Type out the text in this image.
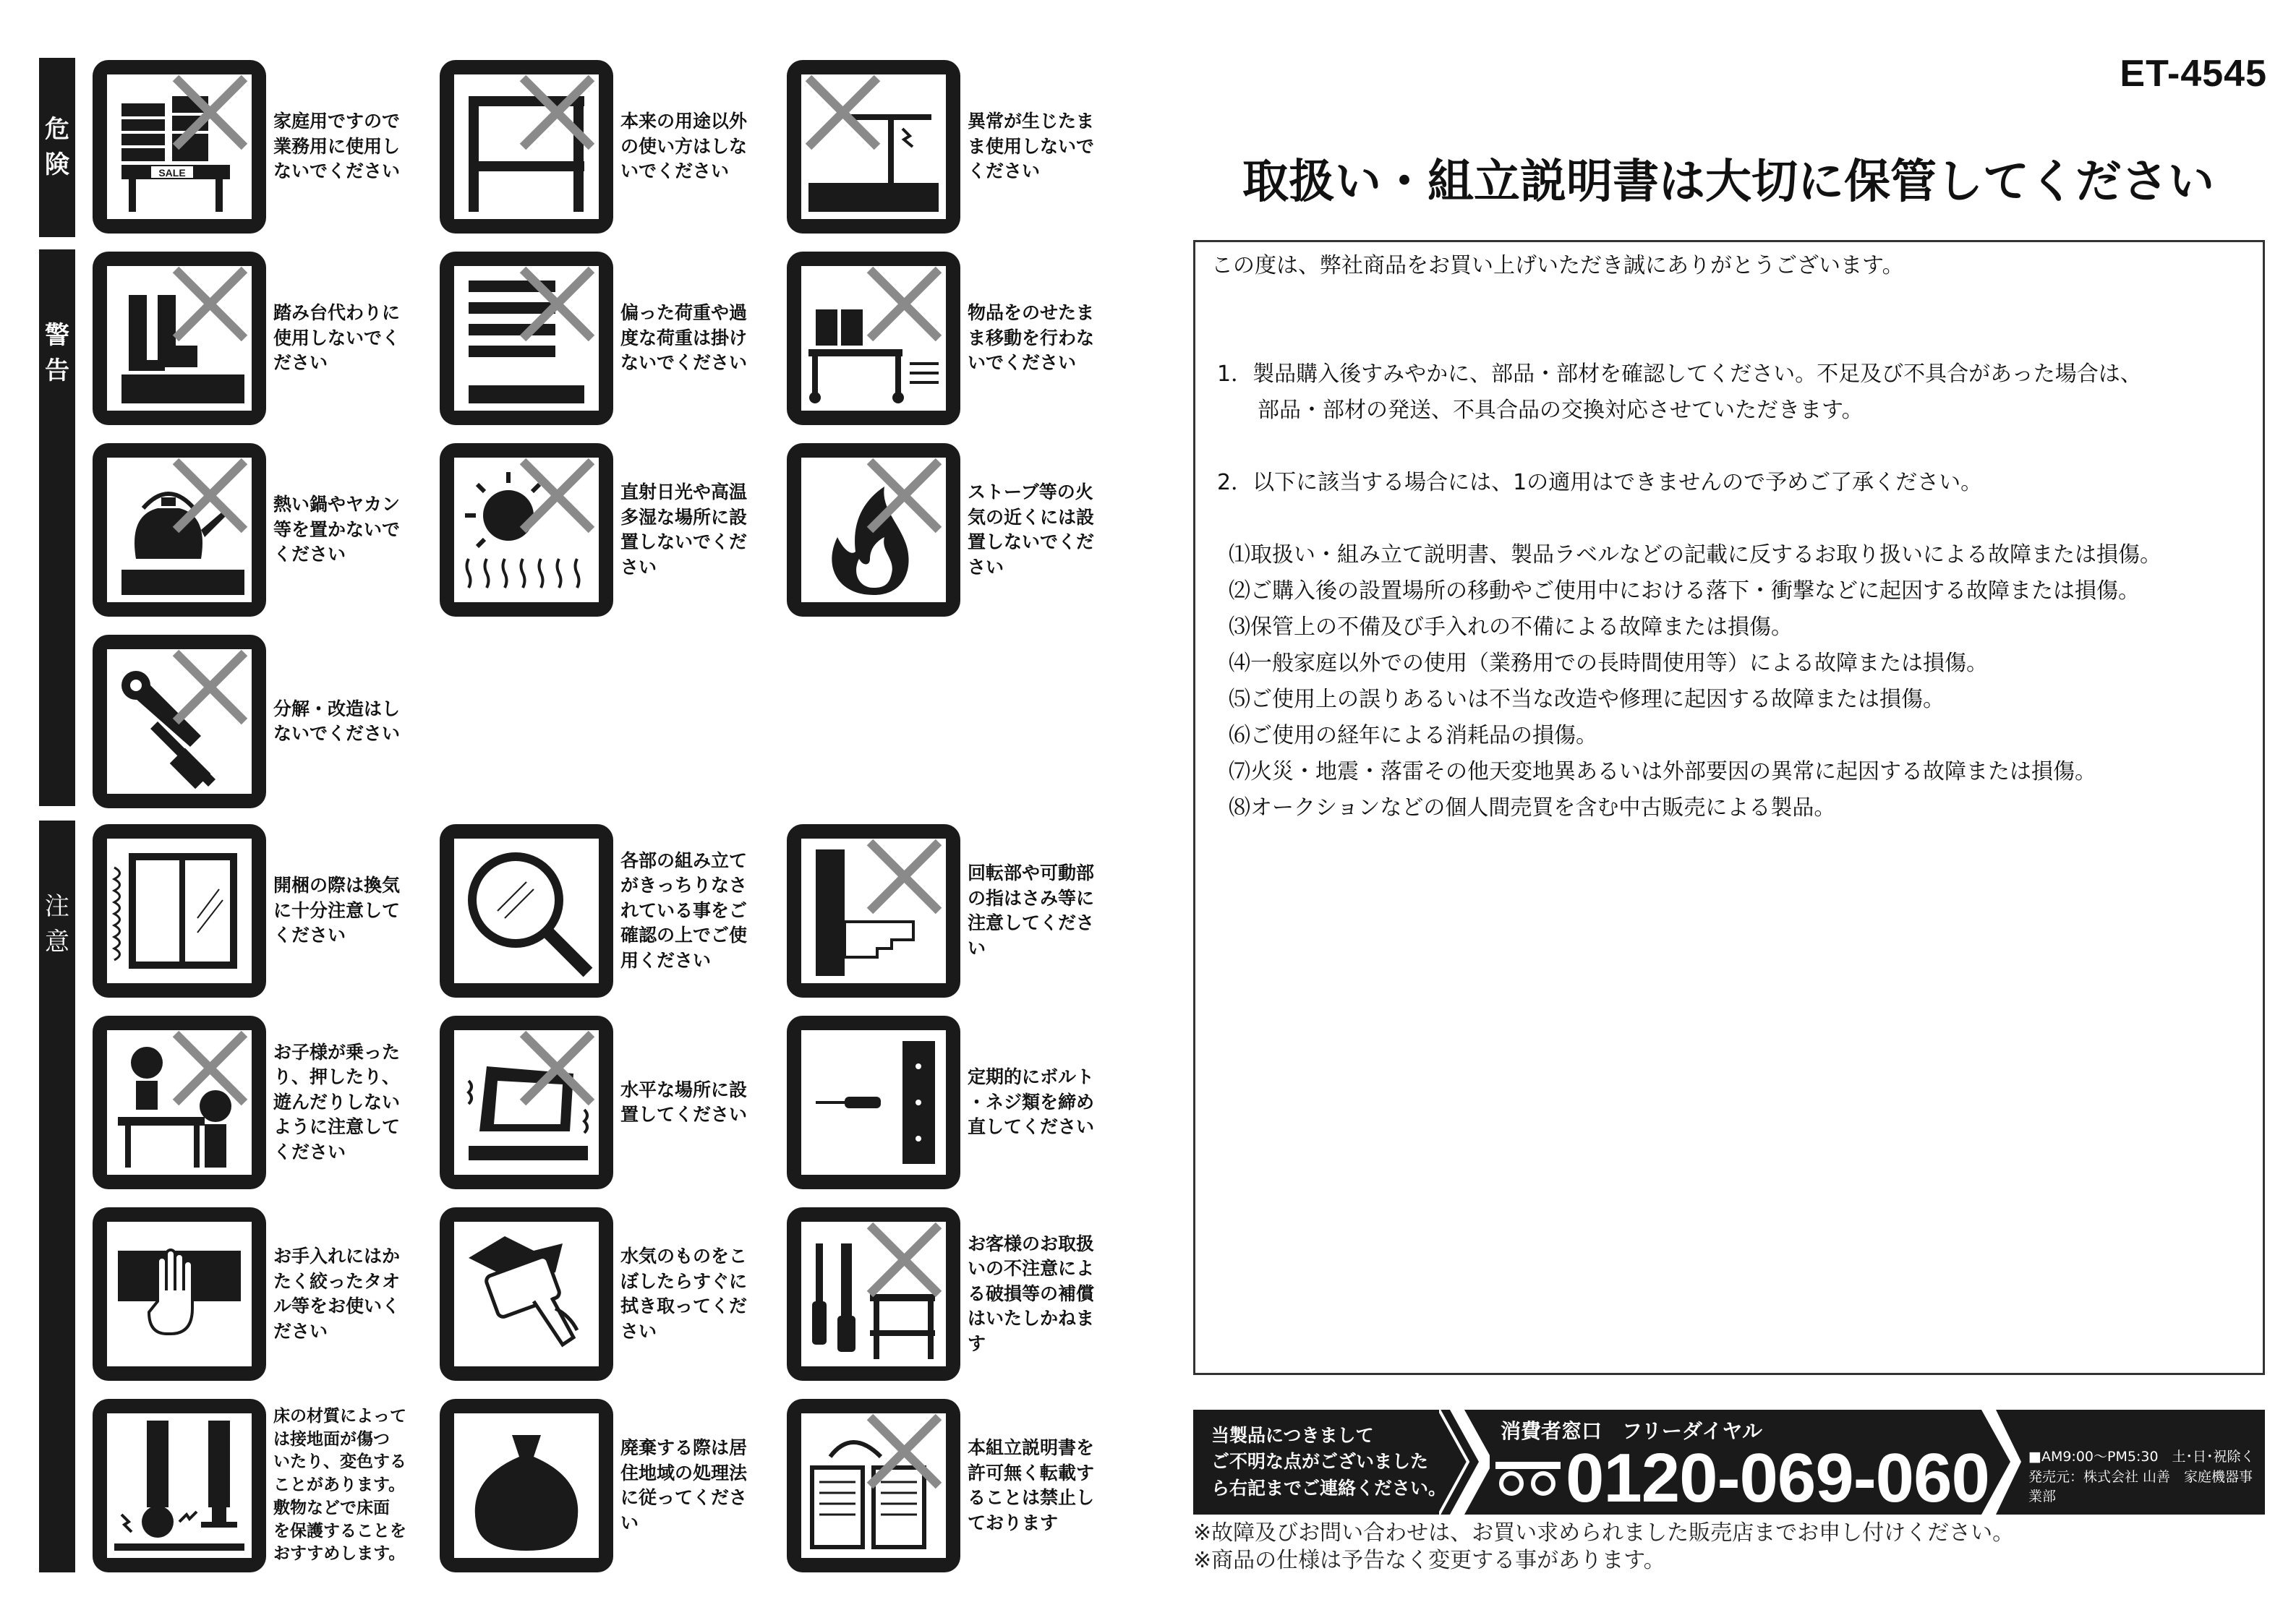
危
険
警
告
注
意
SALE
家庭用ですので
業務用に使用し
ないでください
本来の用途以外
の使い方はしな
いでください
異常が生じたま
ま使用しないで
ください
踏み台代わりに
使用しないでく
ださい
偏った荷重や過
度な荷重は掛け
ないでください
物品をのせたま
ま移動を行わな
いでください
熱い鍋やヤカン
等を置かないで
ください
直射日光や高温
多湿な場所に設
置しないでくだ
さい
ストーブ等の火
気の近くには設
置しないでくだ
さい
分解・改造はし
ないでください
開梱の際は換気
に十分注意して
ください
各部の組み立て
がきっちりなさ
れている事をご
確認の上でご使
用ください
回転部や可動部
の指はさみ等に
注意してくださ
い
お子様が乗った
り、押したり、
遊んだりしない
ように注意して
ください
水平な場所に設
置してください
定期的にボルト
・ネジ類を締め
直してください
お手入れにはか
たく絞ったタオ
ル等をお使いく
ださい
水気のものをこ
ぼしたらすぐに
拭き取ってくだ
さい
お客様のお取扱
いの不注意によ
る破損等の補償
はいたしかねま
す
床の材質によって
は接地面が傷つ
いたり、変色する
ことがあります。
敷物などで床面
を保護することを
おすすめします。
廃棄する際は居
住地域の処理法
に従ってくださ
い
本組立説明書を
許可無く転載す
ることは禁止し
ております
ET-4545
取扱い・組立説明書は大切に保管してください
この度は、弊社商品をお買い上げいただき誠にありがとうございます。
1．製品購入後すみやかに、部品・部材を確認してください。不足及び不具合があった場合は、
部品・部材の発送、不具合品の交換対応させていただきます。
2．以下に該当する場合には、1の適用はできませんので予めご了承ください。
⑴取扱い・組み立て説明書、製品ラベルなどの記載に反するお取り扱いによる故障または損傷。
⑵ご購入後の設置場所の移動やご使用中における落下・衝撃などに起因する故障または損傷。
⑶保管上の不備及び手入れの不備による故障または損傷。
⑷一般家庭以外での使用（業務用での長時間使用等）による故障または損傷。
⑸ご使用上の誤りあるいは不当な改造や修理に起因する故障または損傷。
⑹ご使用の経年による消耗品の損傷。
⑺火災・地震・落雷その他天変地異あるいは外部要因の異常に起因する故障または損傷。
⑻オークションなどの個人間売買を含む中古販売による製品。
当製品につきまして
ご不明な点がございました
ら右記までご連絡ください。
消費者窓口　フリーダイヤル
0120-069-060	■AM9:00〜PM5:30　土･日･祝除く
発売元：株式会社 山善　家庭機器事業部
※故障及びお問い合わせは、お買い求められました販売店までお申し付けください。
※商品の仕様は予告なく変更する事があります。
